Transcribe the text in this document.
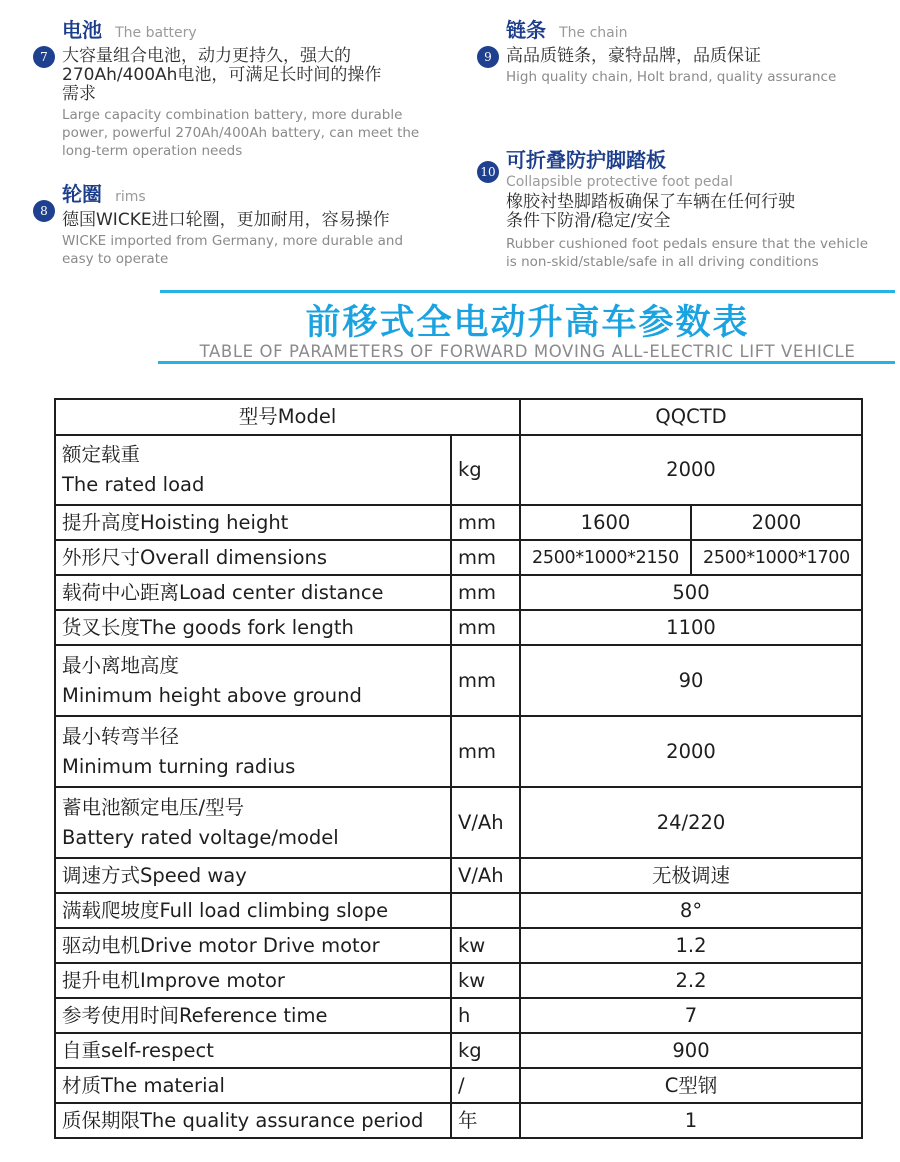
电池 The battery
7 大容量组合电池，动力更持久，强大的
270Ah/400Ah电池，可满足长时间的操作
需求
Large capacity combination battery, more durable
power, powerful 270Ah/400Ah battery, can meet the
long-term operation needs
轮圈 rims
8 德国WICKE进口轮圈，更加耐用，容易操作
WICKE imported from Germany, more durable and
easy to operate
链条 The chain
9 高品质链条，豪特品牌，品质保证
High quality chain, Holt brand, quality assurance
可折叠防护脚踏板
10
Collapsible protective foot pedal
橡胶衬垫脚踏板确保了车辆在任何行驶
条件下防滑/稳定/安全
Rubber cushioned foot pedals ensure that the vehicle
is non-skid/stable/safe in all driving conditions
前移式全电动升高车参数表
TABLE OF PARAMETERS OF FORWARD MOVING ALL-ELECTRIC LIFT VEHICLE
型号Model		QQCTD	

额定载重
The rated load	kg	2000	
提升高度Hoisting height	mm	1600	2000
外形尺寸Overall dimensions	mm	2500*1000*2150	2500*1000*1700
载荷中心距离Load center distance	mm	500	
货叉长度The goods fork length	mm	1100	

最小离地高度
Minimum height above ground	mm	90	

最小转弯半径
Minimum turning radius	mm	2000	

蓄电池额定电压/型号
Battery rated voltage/model	V/Ah	24/220	
调速方式Speed way	V/Ah	无极调速	
满载爬坡度Full load climbing slope		8°	
驱动电机Drive motor Drive motor	kw	1.2	
提升电机Improve motor	kw	2.2	
参考使用时间Reference time	h	7	
自重self-respect	kg	900	
材质The material	/	C型钢	
质保期限The quality assurance period	年	1	
